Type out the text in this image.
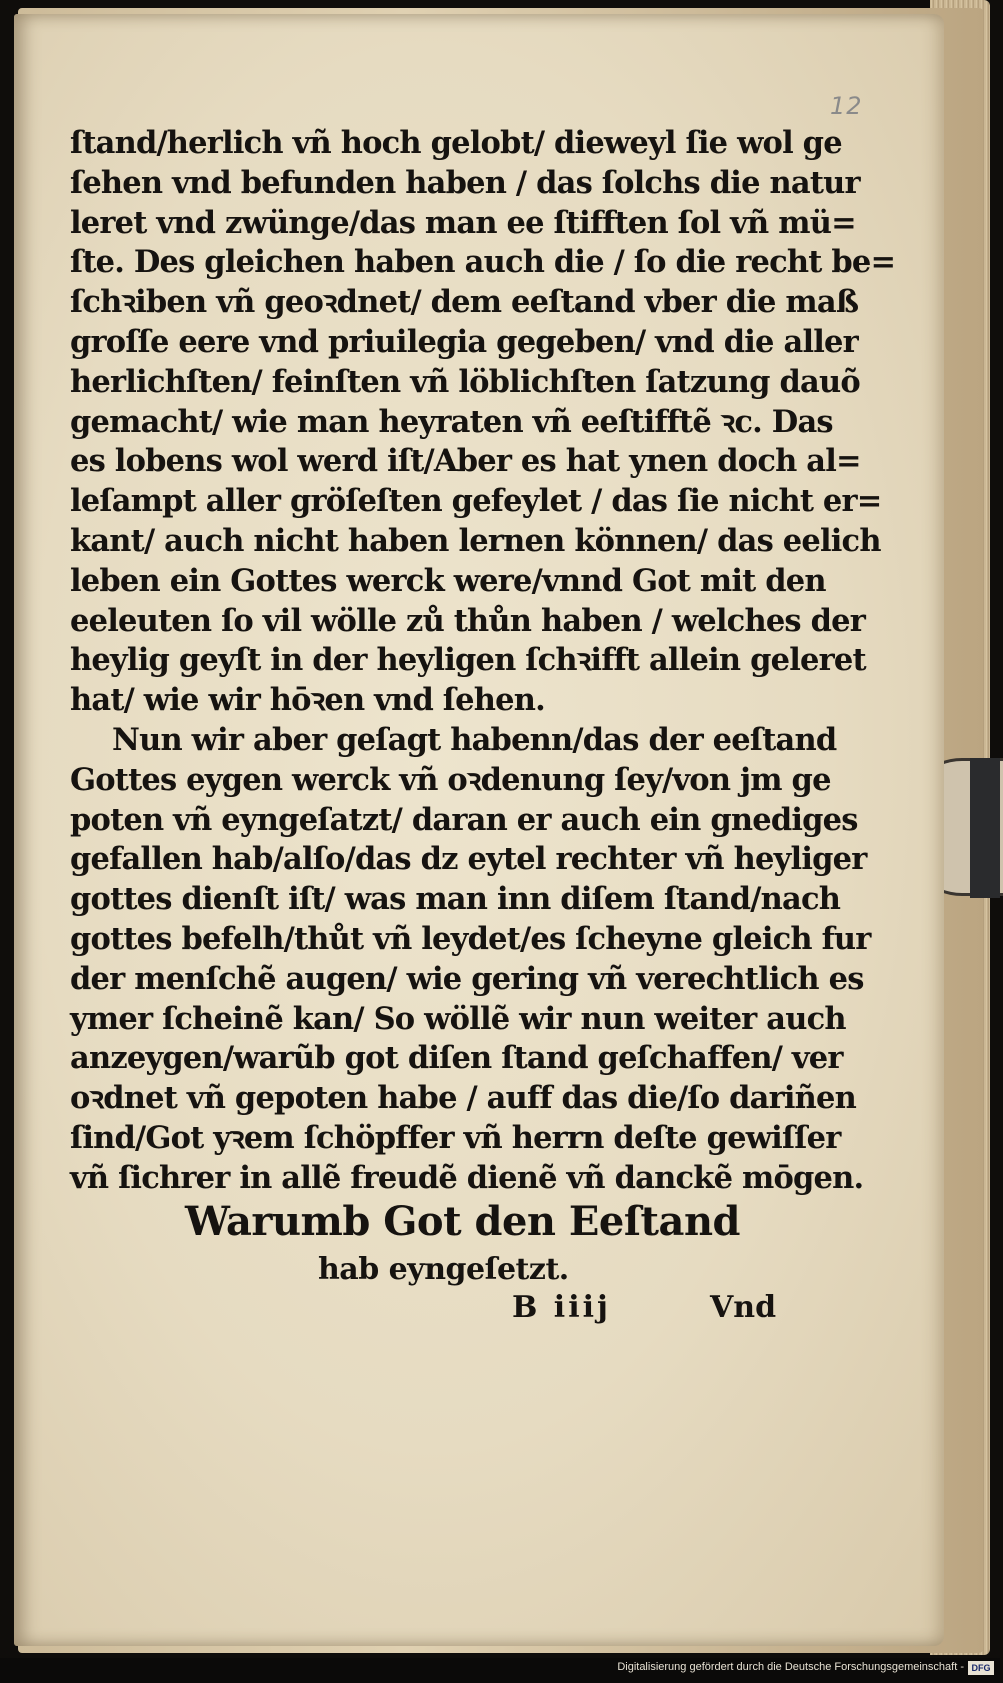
12
ſtand/herlich vñ hoch gelobt/ dieweyl ſie wol ge
ſehen vnd befunden haben / das ſolchs die natur
leret vnd zwünge/das man ee ſtifften ſol vñ mü=
ſte. Des gleichen haben auch die / ſo die recht be=
ſchꝛiben vñ geoꝛdnet/ dem eeſtand vber die maß
groſſe eere vnd priuilegia gegeben/ vnd die aller
herlichſten/ feinſten vñ löblichſten ſatzung dauõ
gemacht/ wie man heyraten vñ eeſtifftẽ ꝛc. Das
es lobens wol werd iſt/Aber es hat ynen doch al=
leſampt aller gröſeſten gefeylet / das ſie nicht er=
kant/ auch nicht haben lernen können/ das eelich
leben ein Gottes werck were/vnnd Got mit den
eeleuten ſo vil wölle zů thůn haben / welches der
heylig geyſt in der heyligen ſchꝛifft allein geleret
hat/ wie wir hōꝛen vnd ſehen.
Nun wir aber geſagt habenn/das der eeſtand
Gottes eygen werck vñ oꝛdenung ſey/von jm ge
poten vñ eyngeſatzt/ daran er auch ein gnediges
gefallen hab/alſo/das dz eytel rechter vñ heyliger
gottes dienſt iſt/ was man inn diſem ſtand/nach
gottes befelh/thůt vñ leydet/es ſcheyne gleich fur
der menſchẽ augen/ wie gering vñ verechtlich es
ymer ſcheinẽ kan/ So wöllẽ wir nun weiter auch
anzeygen/warũb got diſen ſtand geſchaffen/ ver
oꝛdnet vñ gepoten habe / auff das die/ſo dariñen
ſind/Got yꝛem ſchöpffer vñ herrn deſte gewiſſer
vñ ſichrer in allẽ freudẽ dienẽ vñ danckẽ mōgen.
Warumb Got den Eeſtand
hab eyngeſetzt.
B iiij	Vnd
Digitalisierung gefördert durch die Deutsche Forschungsgemeinschaft - DFG
